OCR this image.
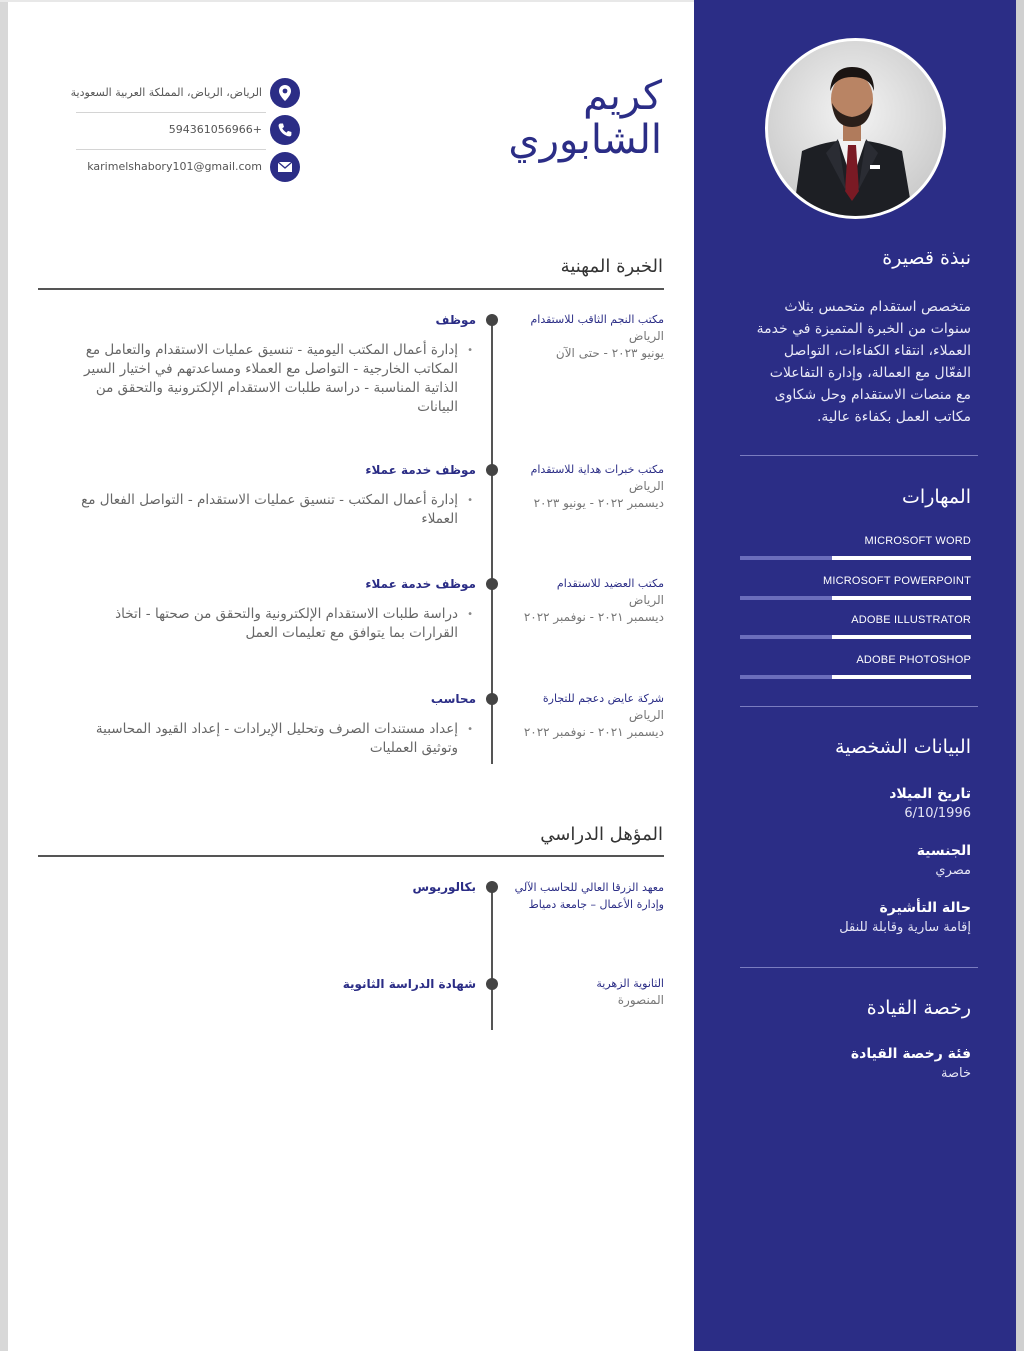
نبذة قصيرة
متخصص استقدام متحمس بثلاث
سنوات من الخبرة المتميزة في خدمة
العملاء، انتقاء الكفاءات، التواصل
الفعّال مع العمالة، وإدارة التفاعلات
مع منصات الاستقدام وحل شكاوى
مكاتب العمل بكفاءة عالية.
المهارات
MICROSOFT WORD
MICROSOFT POWERPOINT
ADOBE ILLUSTRATOR
ADOBE PHOTOSHOP
البيانات الشخصية
تاريخ الميلاد
6/10/1996
الجنسية
مصري
حالة التأشيرة
إقامة سارية وقابلة للنقل
رخصة القيادة
فئة رخصة القيادة
خاصة
كريم
الشابوري
الرياض، الرياض، المملكة العربية السعودية
+594361056966
karimelshabory101@gmail.com
الخبرة المهنية
مكتب النجم الثاقب للاستقدام
الرياض
يونيو ٢٠٢٣ - حتى الآن
موظف
•
إدارة أعمال المكتب اليومية - تنسيق عمليات الاستقدام والتعامل مع
المكاتب الخارجية - التواصل مع العملاء ومساعدتهم في اختيار السير
الذاتية المناسبة - دراسة طلبات الاستقدام الإلكترونية والتحقق من
البيانات
مكتب خبرات هداية للاستقدام
الرياض
ديسمبر ٢٠٢٢ - يونيو ٢٠٢٣
موظف خدمة عملاء
•
إدارة أعمال المكتب - تنسيق عمليات الاستقدام - التواصل الفعال مع
العملاء
مكتب العضيد للاستقدام
الرياض
ديسمبر ٢٠٢١ - نوفمبر ٢٠٢٢
موظف خدمة عملاء
•
دراسة طلبات الاستقدام الإلكترونية والتحقق من صحتها - اتخاذ
القرارات بما يتوافق مع تعليمات العمل
شركة عايض دعجم للتجارة
الرياض
ديسمبر ٢٠٢١ - نوفمبر ٢٠٢٢
محاسب
•
إعداد مستندات الصرف وتحليل الإيرادات - إعداد القيود المحاسبية
وتوثيق العمليات
المؤهل الدراسي
معهد الزرقا العالي للحاسب الآلي
وإدارة الأعمال – جامعة دمياط
بكالوريوس
الثانوية الزهرية
المنصورة
شهادة الدراسة الثانوية
